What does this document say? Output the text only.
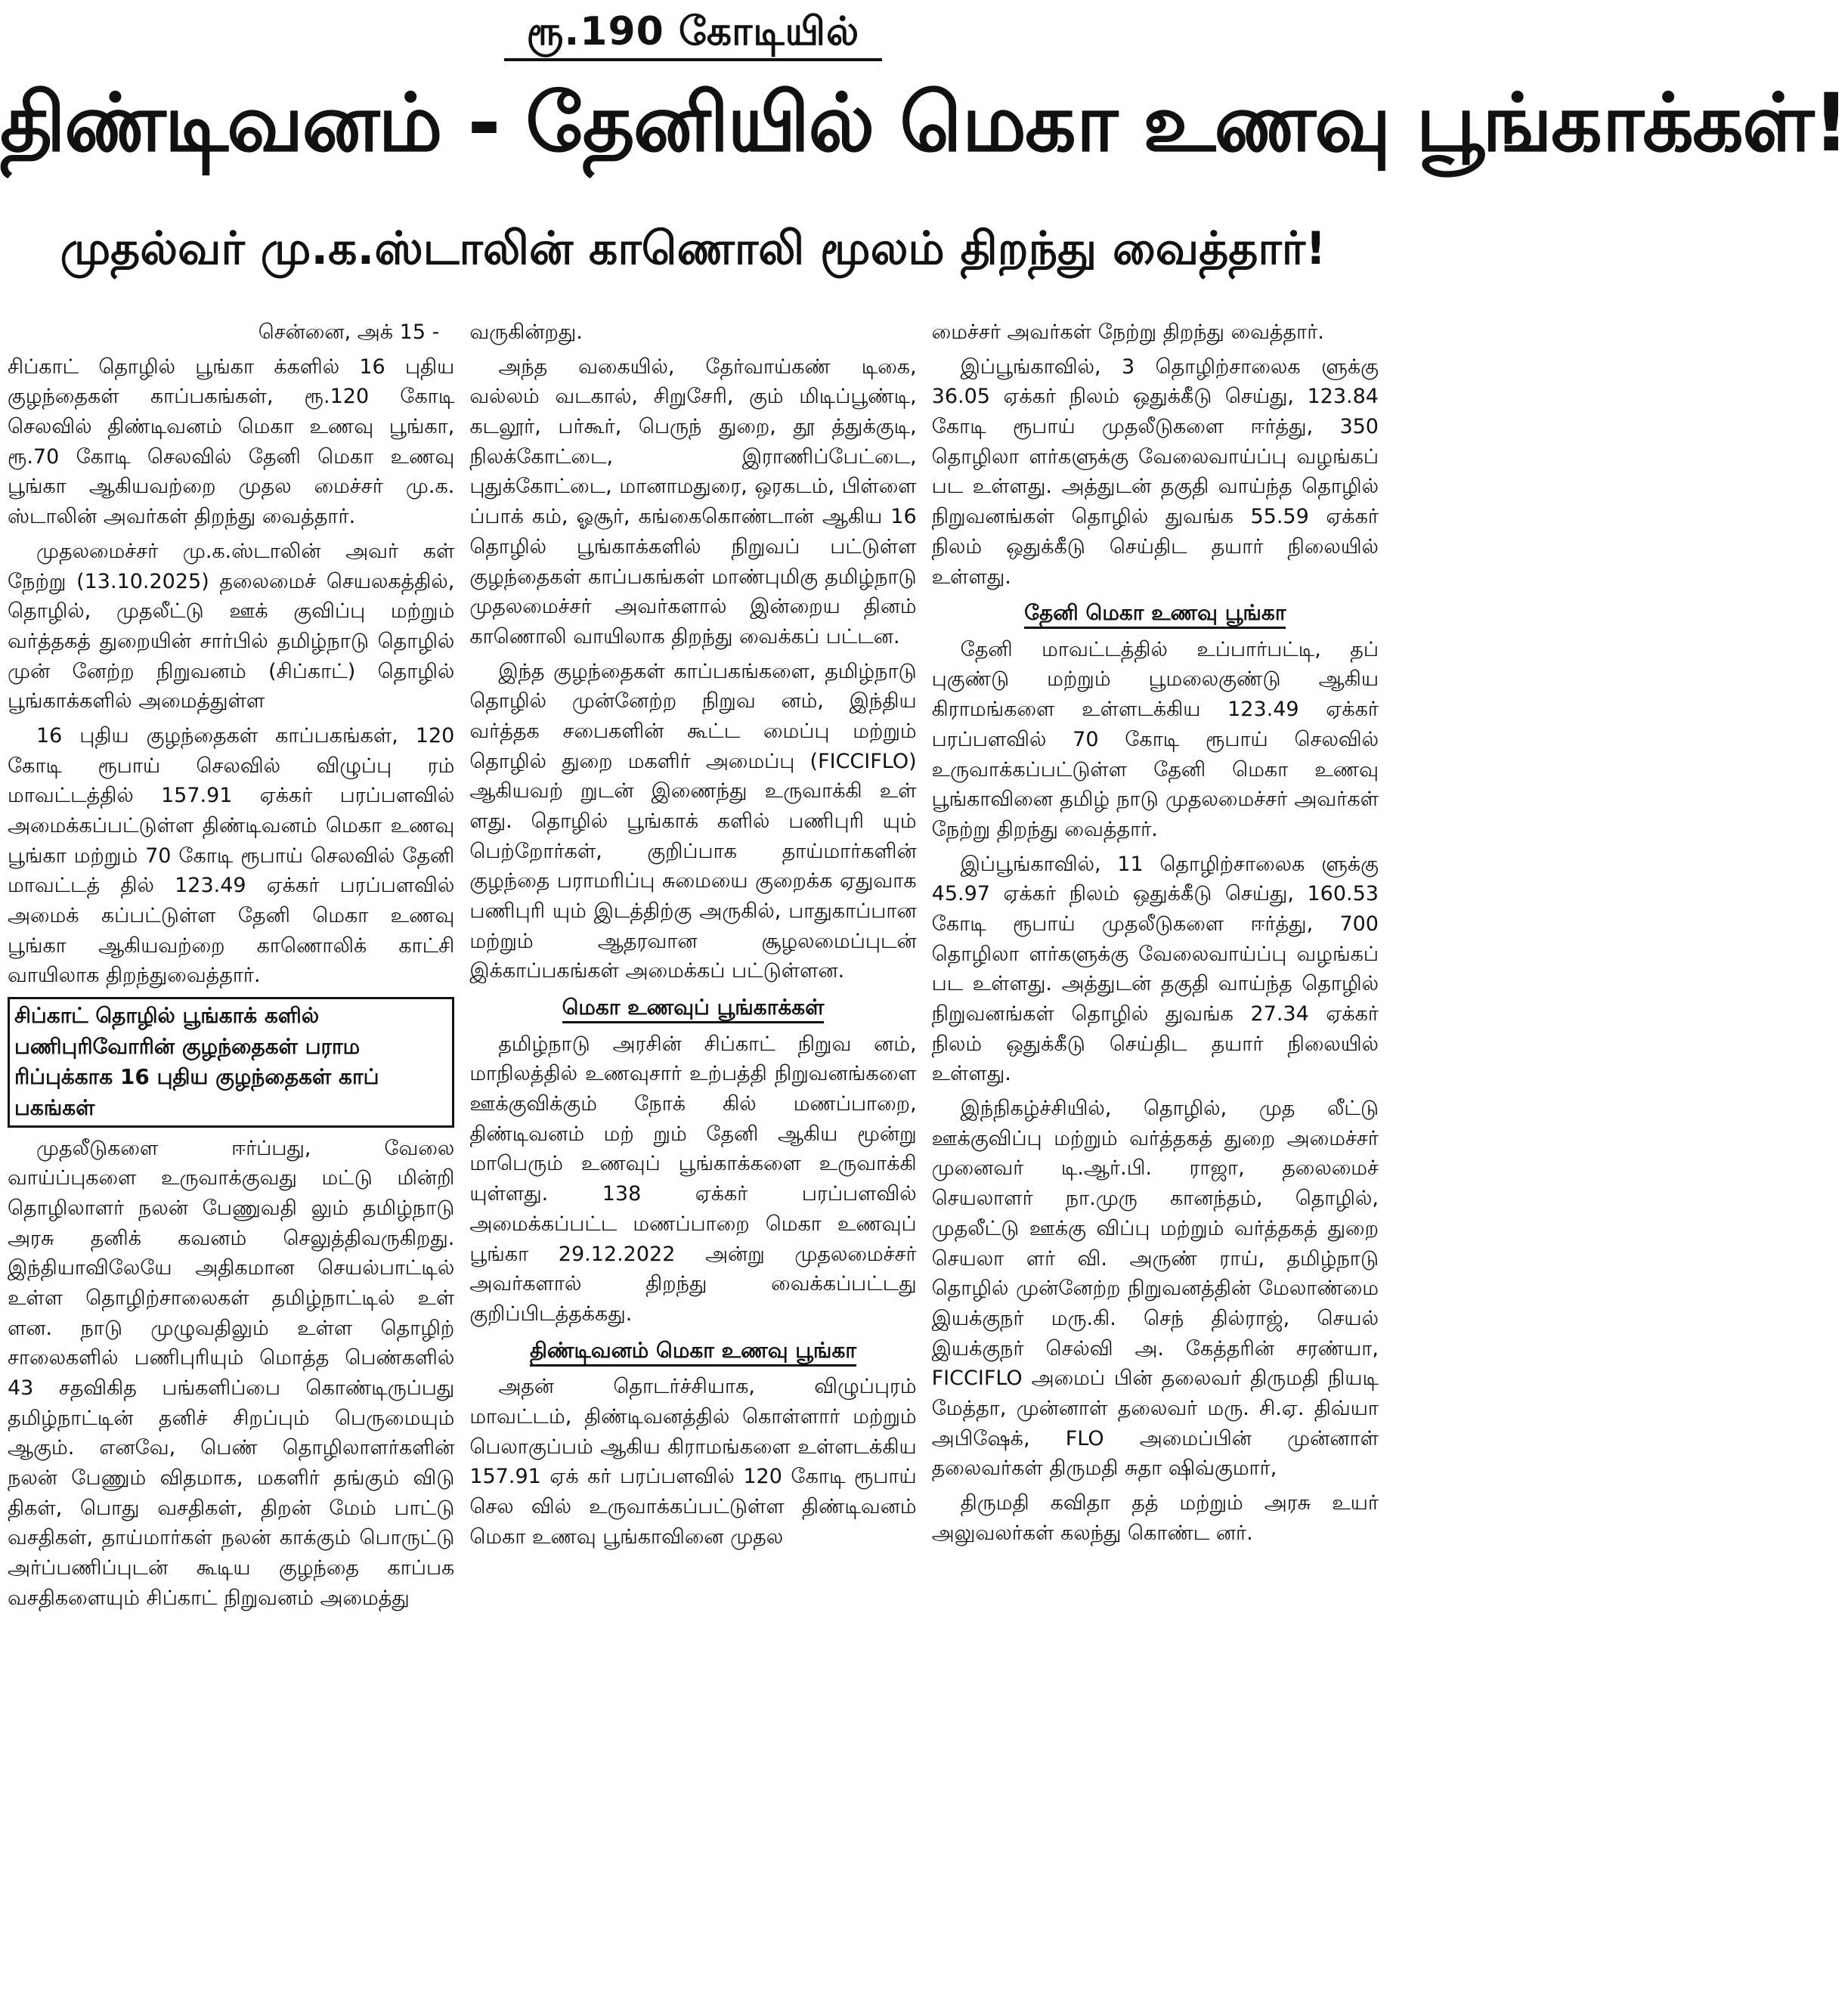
ரூ.190 கோடியில்
திண்டிவனம் - தேனியில் மெகா உணவு பூங்காக்கள்!
முதல்வர் மு.க.ஸ்டாலின் காணொலி மூலம் திறந்து வைத்தார்!

சென்னை, அக் 15 -

சிப்காட் தொழில் பூங்கா க்களில் 16 புதிய குழந்தைகள் காப்பகங்கள், ரூ.120 கோடி செலவில் திண்டிவனம் மெகா உணவு பூங்கா, ரூ.70 கோடி செலவில் தேனி மெகா உணவு பூங்கா ஆகியவற்றை முதல மைச்சர் மு.க. ஸ்டாலின் அவர்கள் திறந்து வைத்தார்.

முதலமைச்சர் மு.க.ஸ்டாலின் அவர் கள் நேற்று (13.10.2025) தலைமைச் செயலகத்தில், தொழில், முதலீட்டு ஊக் குவிப்பு மற்றும் வர்த்தகத் துறையின் சார்பில் தமிழ்நாடு தொழில் முன் னேற்ற நிறுவனம் (சிப்காட்) தொழில் பூங்காக்களில் அமைத்துள்ள

16 புதிய குழந்தைகள் காப்பகங்கள், 120 கோடி ரூபாய் செலவில் விழுப்பு ரம் மாவட்டத்தில் 157.91 ஏக்கர் பரப்பளவில் அமைக்கப்பட்டுள்ள திண்டிவனம் மெகா உணவு பூங்கா மற்றும் 70 கோடி ரூபாய் செலவில் தேனி மாவட்டத் தில் 123.49 ஏக்கர் பரப்பளவில் அமைக் கப்பட்டுள்ள தேனி மெகா உணவு பூங்கா ஆகியவற்றை காணொலிக் காட்சி வாயிலாக திறந்துவைத்தார்.

சிப்காட் தொழில் பூங்காக் களில் பணிபுரிவோரின் குழந்தைகள் பராம ரிப்புக்காக 16 புதிய குழந்தைகள் காப் பகங்கள்

முதலீடுகளை ஈர்ப்பது, வேலை வாய்ப்புகளை உருவாக்குவது மட்டு மின்றி தொழிலாளர் நலன் பேணுவதி லும் தமிழ்நாடு அரசு தனிக் கவனம் செலுத்திவருகிறது. இந்தியாவிலேயே அதிகமான செயல்பாட்டில் உள்ள தொழிற்சாலைகள் தமிழ்நாட்டில் உள் ளன. நாடு முழுவதிலும் உள்ள தொழிற் சாலைகளில் பணிபுரியும் மொத்த பெண்களில் 43 சதவிகித பங்களிப்பை கொண்டிருப்பது தமிழ்நாட்டின் தனிச் சிறப்பும் பெருமையும் ஆகும். எனவே, பெண் தொழிலாளர்களின் நலன் பேணும் விதமாக, மகளிர் தங்கும் விடு திகள், பொது வசதிகள், திறன் மேம் பாட்டு வசதிகள், தாய்மார்கள் நலன் காக்கும் பொருட்டு அர்ப்பணிப்புடன் கூடிய குழந்தை காப்பக வசதிகளையும் சிப்காட் நிறுவனம் அமைத்து

வருகின்றது.

அந்த வகையில், தேர்வாய்கண் டிகை, வல்லம் வடகால், சிறுசேரி, கும் மிடிப்பூண்டி, கடலூர், பர்கூர், பெருந் துறை, தூ த்துக்குடி, நிலக்கோட்டை, இராணிப்பேட்டை, புதுக்கோட்டை, மானாமதுரை, ஒரகடம், பிள்ளை ப்பாக் கம், ஓசூர், கங்கைகொண்டான் ஆகிய 16 தொழில் பூங்காக்களில் நிறுவப் பட்டுள்ள குழந்தைகள் காப்பகங்கள் மாண்புமிகு தமிழ்நாடு முதலமைச்சர் அவர்களால் இன்றைய தினம் காணொலி வாயிலாக திறந்து வைக்கப் பட்டன.

இந்த குழந்தைகள் காப்பகங்களை, தமிழ்நாடு தொழில் முன்னேற்ற நிறுவ னம், இந்திய வர்த்தக சபைகளின் கூட்ட மைப்பு மற்றும் தொழில் துறை மகளிர் அமைப்பு (FICCIFLO) ஆகியவற் றுடன் இணைந்து உருவாக்கி உள் ளது. தொழில் பூங்காக் களில் பணிபுரி யும் பெற்றோர்கள், குறிப்பாக தாய்மார்களின் குழந்தை பராமரிப்பு சுமையை குறைக்க ஏதுவாக பணிபுரி யும் இடத்திற்கு அருகில், பாதுகாப்பான மற்றும் ஆதரவான சூழலமைப்புடன் இக்காப்பகங்கள் அமைக்கப் பட்டுள்ளன.

மெகா உணவுப் பூங்காக்கள்

தமிழ்நாடு அரசின் சிப்காட் நிறுவ னம், மாநிலத்தில் உணவுசார் உற்பத்தி நிறுவனங்களை ஊக்குவிக்கும் நோக் கில் மணப்பாறை, திண்டிவனம் மற் றும் தேனி ஆகிய மூன்று மாபெரும் உணவுப் பூங்காக்களை உருவாக்கி யுள்ளது. 138 ஏக்கர் பரப்பளவில் அமைக்கப்பட்ட மணப்பாறை மெகா உணவுப் பூங்கா 29.12.2022 அன்று முதலமைச்சர் அவர்களால் திறந்து வைக்கப்பட்டது குறிப்பிடத்தக்கது.

திண்டிவனம் மெகா உணவு பூங்கா

அதன் தொடர்ச்சியாக, விழுப்புரம் மாவட்டம், திண்டிவனத்தில் கொள்ளார் மற்றும் பெலாகுப்பம் ஆகிய கிராமங்களை உள்ளடக்கிய 157.91 ஏக் கர் பரப்பளவில் 120 கோடி ரூபாய் செல வில் உருவாக்கப்பட்டுள்ள திண்டிவனம் மெகா உணவு பூங்காவினை முதல

மைச்சர் அவர்கள் நேற்று திறந்து வைத்தார்.

இப்பூங்காவில், 3 தொழிற்சாலைக ளுக்கு 36.05 ஏக்கர் நிலம் ஒதுக்கீடு செய்து, 123.84 கோடி ரூபாய் முதலீடுகளை ஈர்த்து, 350 தொழிலா ளர்களுக்கு வேலைவாய்ப்பு வழங்கப் பட உள்ளது. அத்துடன் தகுதி வாய்ந்த தொழில் நிறுவனங்கள் தொழில் துவங்க 55.59 ஏக்கர் நிலம் ஒதுக்கீடு செய்திட தயார் நிலையில் உள்ளது.

தேனி மெகா உணவு பூங்கா

தேனி மாவட்டத்தில் உப்பார்பட்டி, தப் புகுண்டு மற்றும் பூமலைகுண்டு ஆகிய கிராமங்களை உள்ளடக்கிய 123.49 ஏக்கர் பரப்பளவில் 70 கோடி ரூபாய் செலவில் உருவாக்கப்பட்டுள்ள தேனி மெகா உணவு பூங்காவினை தமிழ் நாடு முதலமைச்சர் அவர்கள் நேற்று திறந்து வைத்தார்.

இப்பூங்காவில், 11 தொழிற்சாலைக ளுக்கு 45.97 ஏக்கர் நிலம் ஒதுக்கீடு செய்து, 160.53 கோடி ரூபாய் முதலீடுகளை ஈர்த்து, 700 தொழிலா ளர்களுக்கு வேலைவாய்ப்பு வழங்கப் பட உள்ளது. அத்துடன் தகுதி வாய்ந்த தொழில் நிறுவனங்கள் தொழில் துவங்க 27.34 ஏக்கர் நிலம் ஒதுக்கீடு செய்திட தயார் நிலையில் உள்ளது.

இந்நிகழ்ச்சியில், தொழில், முத லீட்டு ஊக்குவிப்பு மற்றும் வர்த்தகத் துறை அமைச்சர் முனைவர் டி.ஆர்.பி. ராஜா, தலைமைச் செயலாளர் நா.முரு கானந்தம், தொழில், முதலீட்டு ஊக்கு விப்பு மற்றும் வர்த்தகத் துறை செயலா ளர் வி. அருண் ராய், தமிழ்நாடு தொழில் முன்னேற்ற நிறுவனத்தின் மேலாண்மை இயக்குநர் மரு.கி. செந் தில்ராஜ், செயல் இயக்குநர் செல்வி அ. கேத்தரின் சரண்யா, FICCIFLO அமைப் பின் தலைவர் திருமதி நியடி மேத்தா, முன்னாள் தலைவர் மரு. சி.ஏ. திவ்யா அபிஷேக், FLO அமைப்பின் முன்னாள் தலைவர்கள் திருமதி சுதா ஷிவ்குமார்,

திருமதி கவிதா தத் மற்றும் அரசு உயர் அலுவலர்கள் கலந்து கொண்ட னர்.
